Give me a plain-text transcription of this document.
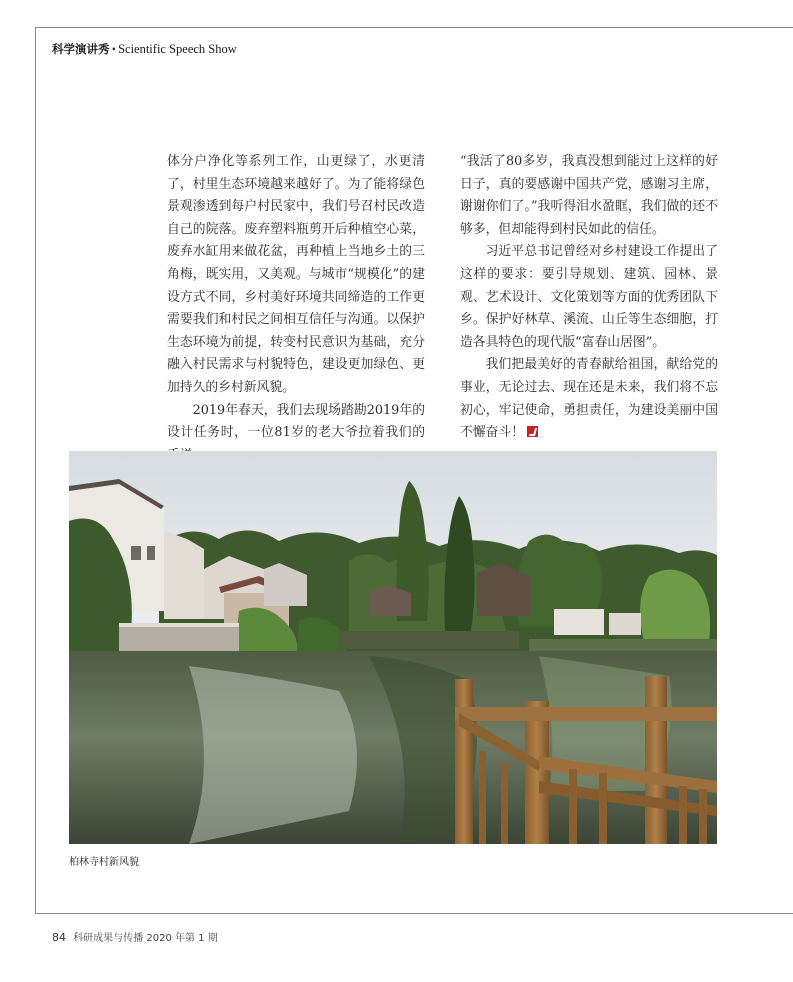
科学演讲秀 · Scientific Speech Show

体分户净化等系列工作，山更绿了，水更清了，村里生态环境越来越好了。为了能将绿色景观渗透到每户村民家中，我们号召村民改造自己的院落。废弃塑料瓶剪开后种植空心菜，废弃水缸用来做花盆，再种植上当地乡土的三角梅，既实用，又美观。与城市“规模化”的建设方式不同，乡村美好环境共同缔造的工作更需要我们和村民之间相互信任与沟通。以保护生态环境为前提，转变村民意识为基础，充分融入村民需求与村貌特色，建设更加绿色、更加持久的乡村新风貌。

2019年春天，我们去现场踏勘2019年的设计任务时，一位81岁的老大爷拉着我们的

“我活了80多岁，我真没想到能过上这样的好日子，真的要感谢中国共产党，感谢习主席，谢谢你们了。”我听得泪水盈眶，我们做的还不够多，但却能得到村民如此的信任。

习近平总书记曾经对乡村建设工作提出了这样的要求：要引导规划、建筑、园林、景观、艺术设计、文化策划等方面的优秀团队下乡。保护好林草、溪流、山丘等生态细胞，打造各具特色的现代版“富春山居图”。

我们把最美好的青春献给祖国，献给党的事业，无论过去、现在还是未来，我们将不忘初心，牢记使命，勇担责任，为建设美丽中国不懈奋斗！

柏林寺村新风貌
84 科研成果与传播 2020 年第 1 期
